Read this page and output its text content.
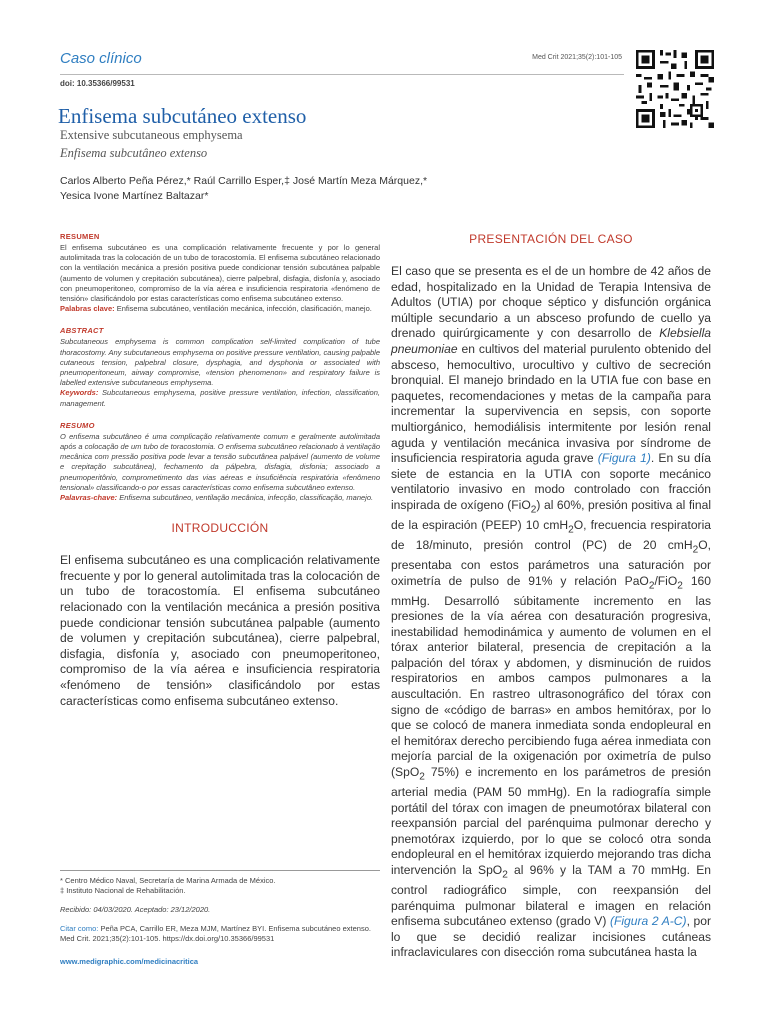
Caso clínico	Med Crit 2021;35(2):101-105
doi: 10.35366/99531
Enfisema subcutáneo extenso
Extensive subcutaneous emphysema
Enfisema subcutâneo extenso
Carlos Alberto Peña Pérez,* Raúl Carrillo Esper,‡ José Martín Meza Márquez,*
Yesica Ivone Martínez Baltazar*
RESUMEN

El enfisema subcutáneo es una complicación relativamente frecuente y por lo general autolimitada tras la colocación de un tubo de toracostomía. El enfisema subcutáneo relacionado con la ventilación mecánica a presión positiva puede condicionar tensión subcutánea palpable (aumento de volumen y crepitación subcutánea), cierre palpebral, disfagia, disfonía y, asociado con pneumoperitoneo, compromiso de la vía aérea e insuficiencia respiratoria «fenómeno de tensión» clasificándolo por estas características como enfisema subcutáneo extenso.

Palabras clave: Enfisema subcutáneo, ventilación mecánica, infección, clasificación, manejo.

ABSTRACT

Subcutaneous emphysema is common complication self-limited complication of tube thoracostomy. Any subcutaneous emphysema on positive pressure ventilation, causing palpable cutaneous tension, palpebral closure, dysphagia, and dysphonia or associated with pneumoperitoneum, airway compromise, «tension phenomenon» and respiratory failure is labelled extensive subcutaneous emphysema.

Keywords: Subcutaneous emphysema, positive pressure ventilation, infection, classification, management.

RESUMO

O enfisema subcutâneo é uma complicação relativamente comum e geralmente autolimitada após a colocação de um tubo de toracostomia. O enfisema subcutâneo relacionado à ventilação mecânica com pressão positiva pode levar a tensão subcutânea palpável (aumento de volume e crepitação subcutânea), fechamento da pálpebra, disfagia, disfonia; associado a pneumoperitônio, comprometimento das vias aéreas e insuficiência respiratória «fenômeno tensional» classificando-o por essas características como enfisema subcutâneo extenso.

Palavras-chave: Enfisema subcutâneo, ventilação mecânica, infecção, classificação, manejo.

INTRODUCCIÓN

El enfisema subcutáneo es una complicación relativamente frecuente y por lo general autolimitada tras la colocación de un tubo de toracostomía. El enfisema subcutáneo relacionado con la ventilación mecánica a presión positiva puede condicionar tensión subcutánea palpable (aumento de volumen y crepitación subcutánea), cierre palpebral, disfagia, disfonía y, asociado con pneumoperitoneo, compromiso de la vía aérea e insuficiencia respiratoria «fenómeno de tensión» clasificándolo por estas características como enfisema subcutáneo extenso.

* Centro Médico Naval, Secretaría de Marina Armada de México.
‡ Instituto Nacional de Rehabilitación.
Recibido: 04/03/2020. Aceptado: 23/12/2020.
Citar como: Peña PCA, Carrillo ER, Meza MJM, Martínez BYI. Enfisema subcutáneo extenso. Med Crit. 2021;35(2):101-105. https://dx.doi.org/10.35366/99531
www.medigraphic.com/medicinacritica
PRESENTACIÓN DEL CASO

El caso que se presenta es el de un hombre de 42 años de edad, hospitalizado en la Unidad de Terapia Intensiva de Adultos (UTIA) por choque séptico y disfunción orgánica múltiple secundario a un absceso profundo de cuello ya drenado quirúrgicamente y con desarrollo de Klebsiella pneumoniae en cultivos del material purulento obtenido del absceso, hemocultivo, urocultivo y cultivo de secreción bronquial. El manejo brindado en la UTIA fue con base en paquetes, recomendaciones y metas de la campaña para incrementar la supervivencia en sepsis, con soporte multiorgánico, hemodiálisis intermitente por lesión renal aguda y ventilación mecánica invasiva por síndrome de insuficiencia respiratoria aguda grave (Figura 1). En su día siete de estancia en la UTIA con soporte mecánico ventilatorio invasivo en modo controlado con fracción inspirada de oxígeno (FiO$_2$) al 60%, presión positiva al final de la espiración (PEEP) 10 cmH$_2$O, frecuencia respiratoria de 18/minuto, presión control (PC) de 20 cmH$_2$O, presentaba con estos parámetros una saturación por oximetría de pulso de 91% y relación PaO$_2$/FiO$_2$ 160 mmHg. Desarrolló súbitamente incremento en las presiones de la vía aérea con desaturación progresiva, inestabilidad hemodinámica y aumento de volumen en el tórax anterior bilateral, presencia de crepitación a la palpación del tórax y abdomen, y disminución de ruidos respiratorios en ambos campos pulmonares a la auscultación. En rastreo ultrasonográfico del tórax con signo de «código de barras» en ambos hemitórax, por lo que se colocó de manera inmediata sonda endopleural en el hemitórax derecho percibiendo fuga aérea inmediata con mejoría parcial de la oxigenación por oximetría de pulso (SpO$_2$ 75%) e incremento en los parámetros de presión arterial media (PAM 50 mmHg). En la radiografía simple portátil del tórax con imagen de pneumotórax bilateral con reexpansión parcial del parénquima pulmonar derecho y pnemotórax izquierdo, por lo que se colocó otra sonda endopleural en el hemitórax izquierdo mejorando tras dicha intervención la SpO$_2$ al 96% y la TAM a 70 mmHg. En control radiográfico simple, con reexpansión del parénquima pulmonar bilateral e imagen en relación enfisema subcutáneo extenso (grado V) (Figura 2 A-C), por lo que se decidió realizar incisiones cutáneas infraclaviculares con disección roma subcutánea hasta la
